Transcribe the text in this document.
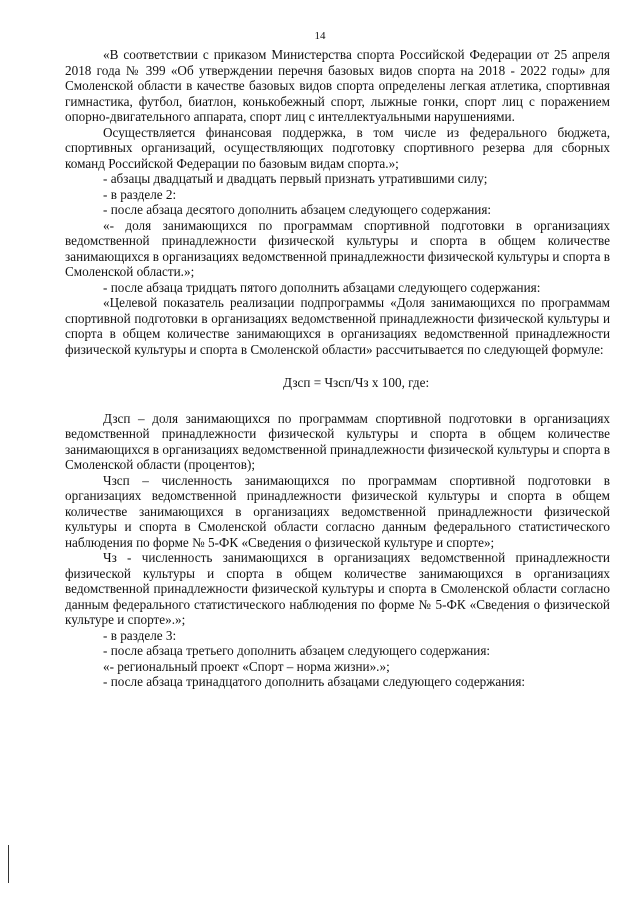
14

«В соответствии с приказом Министерства спорта Российской Федерации от 25 апреля 2018 года № 399 «Об утверждении перечня базовых видов спорта на 2018 - 2022 годы» для Смоленской области в качестве базовых видов спорта определены легкая атлетика, спортивная гимнастика, футбол, биатлон, конькобежный спорт, лыжные гонки, спорт лиц с поражением опорно-двигательного аппарата, спорт лиц с интеллектуальными нарушениями.

Осуществляется финансовая поддержка, в том числе из федерального бюджета, спортивных организаций, осуществляющих подготовку спортивного резерва для сборных команд Российской Федерации по базовым видам спорта.»;

- абзацы двадцатый и двадцать первый признать утратившими силу;

- в разделе 2:

- после абзаца десятого дополнить абзацем следующего содержания:

«- доля занимающихся по программам спортивной подготовки в организациях ведомственной принадлежности физической культуры и спорта в общем количестве занимающихся в организациях ведомственной принадлежности физической культуры и спорта в Смоленской области.»;

- после абзаца тридцать пятого дополнить абзацами следующего содержания:

«Целевой показатель реализации подпрограммы «Доля занимающихся по программам спортивной подготовки в организациях ведомственной принадлежности физической культуры и спорта в общем количестве занимающихся в организациях ведомственной принадлежности физической культуры и спорта в Смоленской области» рассчитывается по следующей формуле:

Дзсп = Чзсп/Чз х 100, где:

Дзсп – доля занимающихся по программам спортивной подготовки в организациях ведомственной принадлежности физической культуры и спорта в общем количестве занимающихся в организациях ведомственной принадлежности физической культуры и спорта в Смоленской области (процентов);

Чзсп – численность занимающихся по программам спортивной подготовки в организациях ведомственной принадлежности физической культуры и спорта в общем количестве занимающихся в организациях ведомственной принадлежности физической культуры и спорта в Смоленской области согласно данным федерального статистического наблюдения по форме № 5-ФК «Сведения о физической культуре и спорте»;

Чз - численность занимающихся в организациях ведомственной принадлежности физической культуры и спорта в общем количестве занимающихся в организациях ведомственной принадлежности физической культуры и спорта в Смоленской области согласно данным федерального статистического наблюдения по форме № 5-ФК «Сведения о физической культуре и спорте».»;

- в разделе 3:

- после абзаца третьего дополнить абзацем следующего содержания:

«- региональный проект «Спорт – норма жизни».»;

- после абзаца тринадцатого дополнить абзацами следующего содержания:
